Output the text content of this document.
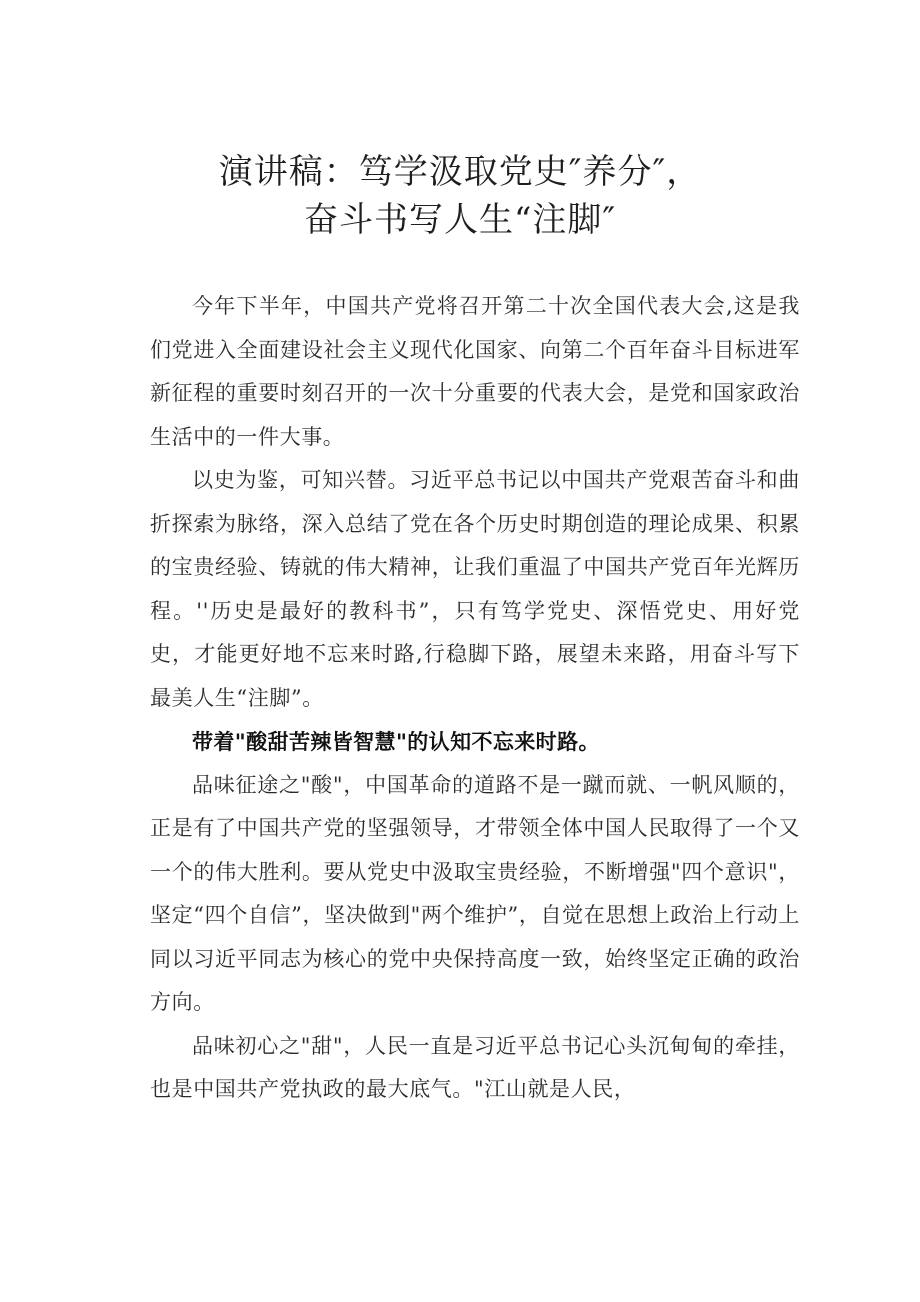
演讲稿：笃学汲取党史″养分″，
奋斗书写人生“注脚″

今年下半年，中国共产党将召开第二十次全国代表大会,这是我们党进入全面建设社会主义现代化国家、向第二个百年奋斗目标进军新征程的重要时刻召开的一次十分重要的代表大会，是党和国家政治生活中的一件大事。

以史为鉴，可知兴替。习近平总书记以中国共产党艰苦奋斗和曲折探索为脉络，深入总结了党在各个历史时期创造的理论成果、积累的宝贵经验、铸就的伟大精神，让我们重温了中国共产党百年光辉历程。''历史是最好的教科书”，只有笃学党史、深悟党史、用好党史，才能更好地不忘来时路,行稳脚下路，展望未来路，用奋斗写下最美人生“注脚”。

带着"酸甜苦辣皆智慧"的认知不忘来时路。

品味征途之"酸"，中国革命的道路不是一蹴而就、一帆风顺的，正是有了中国共产党的坚强领导，才带领全体中国人民取得了一个又一个的伟大胜利。要从党史中汲取宝贵经验，不断增强"四个意识"，坚定“四个自信”，坚决做到"两个维护”，自觉在思想上政治上行动上同以习近平同志为核心的党中央保持高度一致，始终坚定正确的政治方向。

品味初心之"甜"，人民一直是习近平总书记心头沉甸甸的牵挂，也是中国共产党执政的最大底气。"江山就是人民，
